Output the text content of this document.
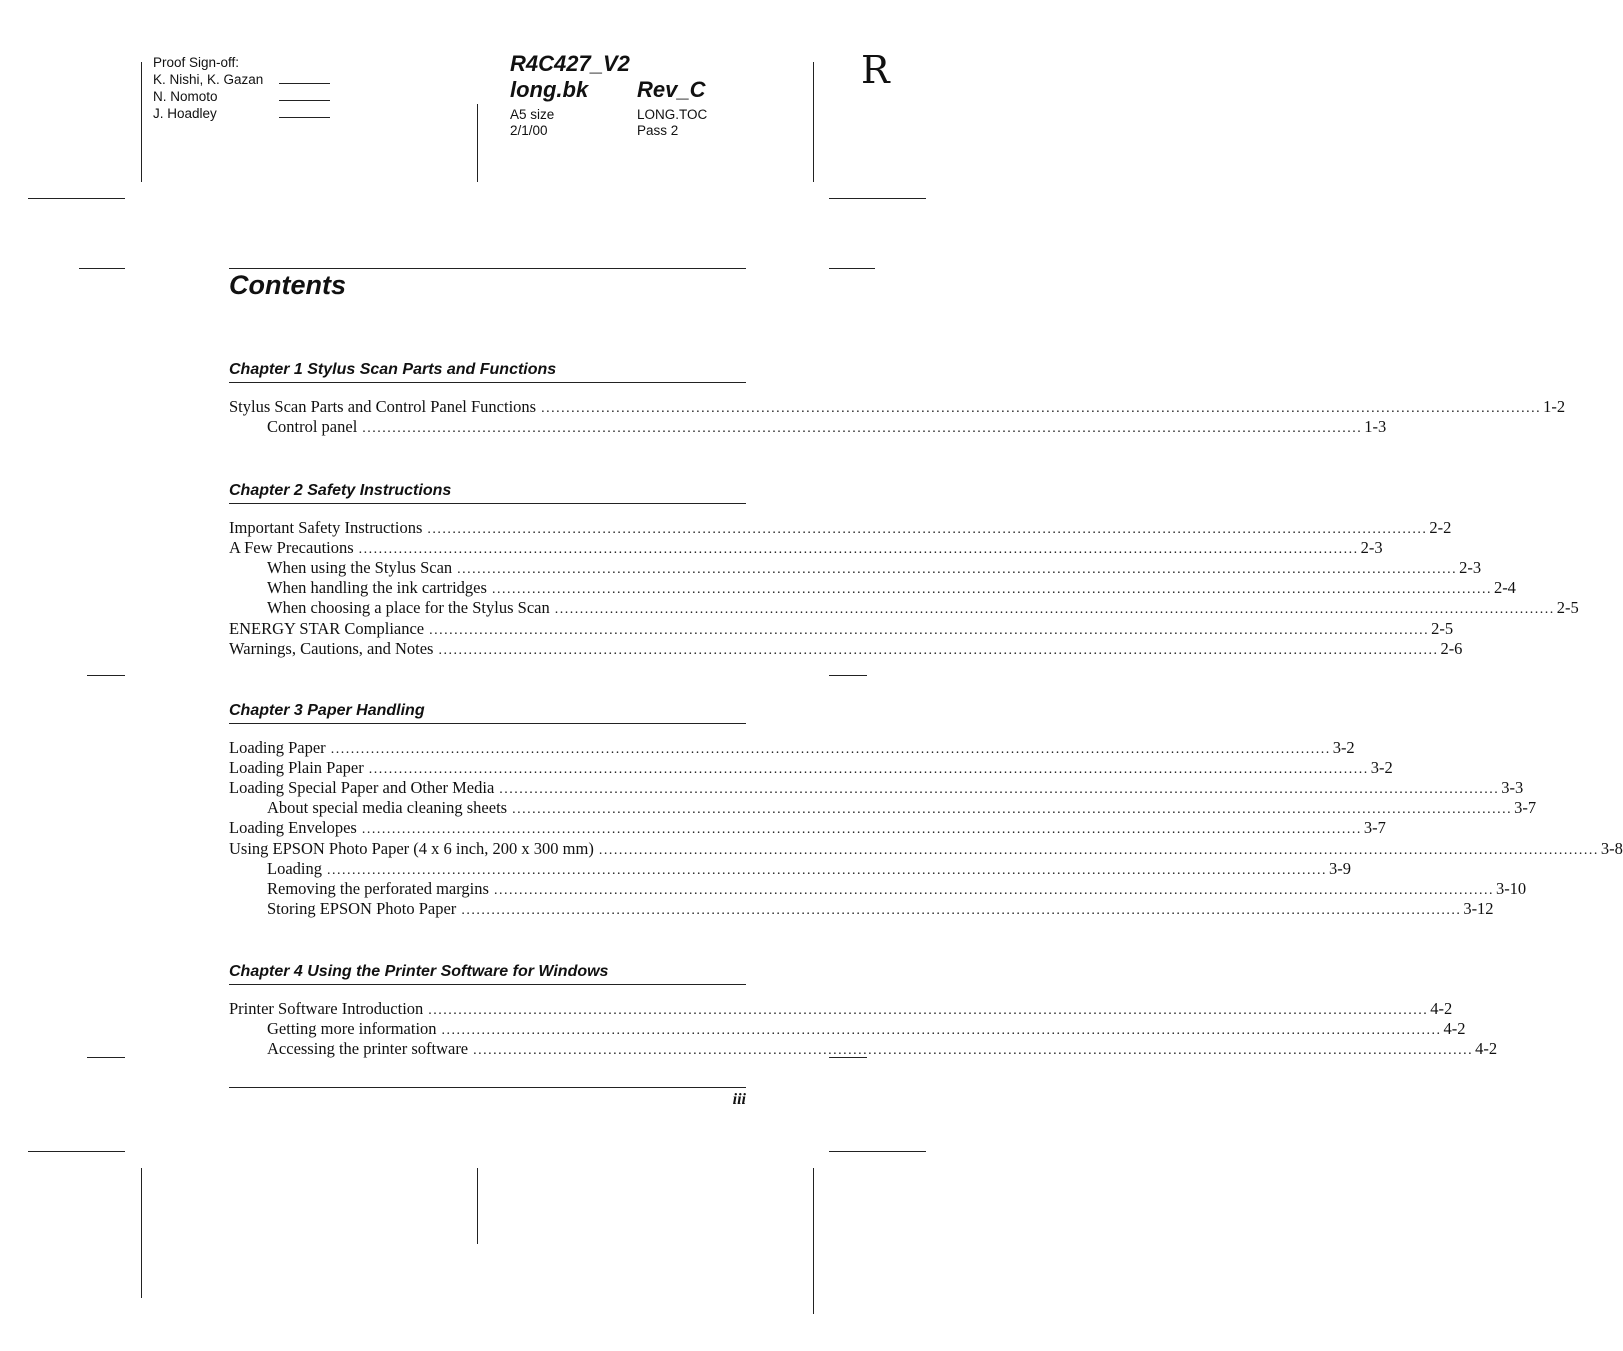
Proof Sign-off:
K. Nishi, K. Gazan
N. Nomoto
J. Hoadley
R4C427_V2
long.bk Rev_C
A5 size
2/1/00
LONG.TOC
Pass 2
R
Contents
Chapter 1 Stylus Scan Parts and Functions
Stylus Scan Parts and Control Panel Functions ........................................................................................................................................................................................................ 1-2
Control panel ........................................................................................................................................................................................................ 1-3
Chapter 2 Safety Instructions
Important Safety Instructions ........................................................................................................................................................................................................ 2-2
A Few Precautions ........................................................................................................................................................................................................ 2-3
When using the Stylus Scan ........................................................................................................................................................................................................ 2-3
When handling the ink cartridges ........................................................................................................................................................................................................ 2-4
When choosing a place for the Stylus Scan ........................................................................................................................................................................................................ 2-5
ENERGY STAR Compliance ........................................................................................................................................................................................................ 2-5
Warnings, Cautions, and Notes ........................................................................................................................................................................................................ 2-6
Chapter 3 Paper Handling
Loading Paper ........................................................................................................................................................................................................ 3-2
Loading Plain Paper ........................................................................................................................................................................................................ 3-2
Loading Special Paper and Other Media ........................................................................................................................................................................................................ 3-3
About special media cleaning sheets ........................................................................................................................................................................................................ 3-7
Loading Envelopes ........................................................................................................................................................................................................ 3-7
Using EPSON Photo Paper (4 x 6 inch, 200 x 300 mm) ........................................................................................................................................................................................................ 3-8
Loading ........................................................................................................................................................................................................ 3-9
Removing the perforated margins ........................................................................................................................................................................................................ 3-10
Storing EPSON Photo Paper ........................................................................................................................................................................................................ 3-12
Chapter 4 Using the Printer Software for Windows
Printer Software Introduction ........................................................................................................................................................................................................ 4-2
Getting more information ........................................................................................................................................................................................................ 4-2
Accessing the printer software ........................................................................................................................................................................................................ 4-2
iii
